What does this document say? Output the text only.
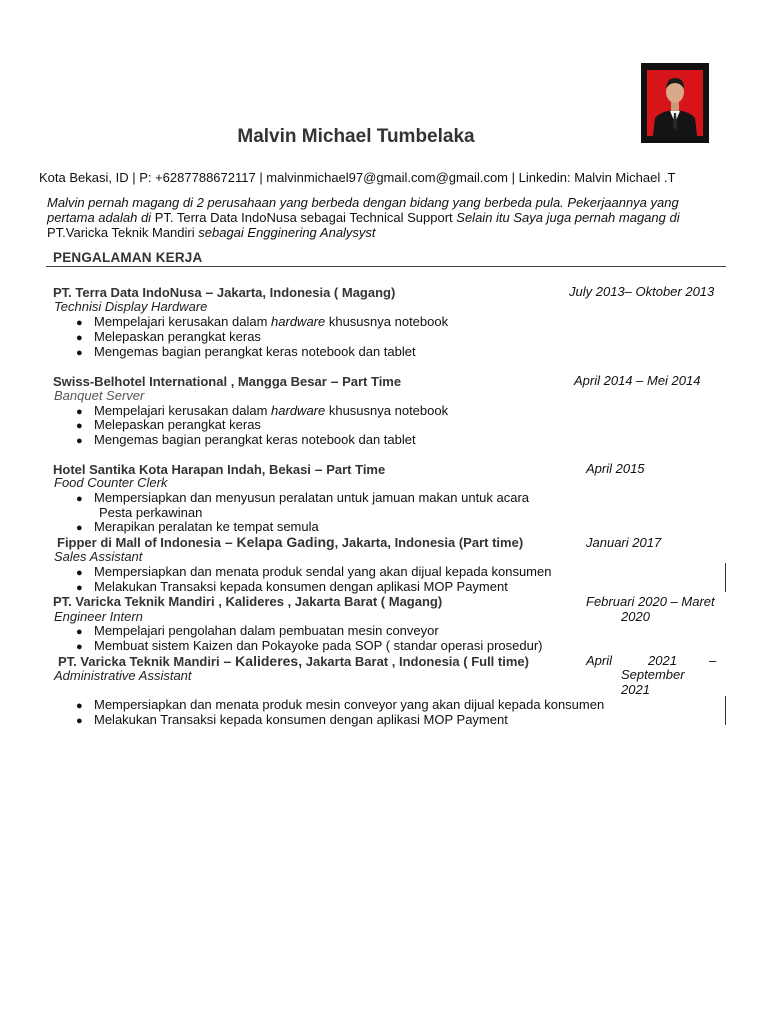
Malvin Michael Tumbelaka
Kota Bekasi, ID | P: +6287788672117 | malvinmichael97@gmail.com@gmail.com | Linkedin: Malvin Michael .T
Malvin pernah magang di 2 perusahaan yang berbeda dengan bidang yang berbeda pula. Pekerjaannya yang
pertama adalah di PT. Terra Data IndoNusa sebagai Technical Support Selain itu Saya juga pernah magang di
PT.Varicka Teknik Mandiri sebagai Engginering Analysyst
PENGALAMAN KERJA
PT. Terra Data IndoNusa – Jakarta, Indonesia ( Magang)	July 2013– Oktober 2013
Technisi Display Hardware
● Mempelajari kerusakan dalam hardware khususnya notebook
● Melepaskan perangkat keras
● Mengemas bagian perangkat keras notebook dan tablet
Swiss-Belhotel International , Mangga Besar – Part Time	April 2014 – Mei 2014
Banquet Server
● Mempelajari kerusakan dalam hardware khususnya notebook
● Melepaskan perangkat keras
● Mengemas bagian perangkat keras notebook dan tablet
Hotel Santika Kota Harapan Indah, Bekasi – Part Time	April 2015
Food Counter Clerk
● Mempersiapkan dan menyusun peralatan untuk jamuan makan untuk acara
Pesta perkawinan
● Merapikan peralatan ke tempat semula
Fipper di Mall of Indonesia – Kelapa Gading, Jakarta, Indonesia (Part time)	Januari 2017
Sales Assistant
● Mempersiapkan dan menata produk sendal yang akan dijual kepada konsumen
● Melakukan Transaksi kepada konsumen dengan aplikasi MOP Payment
PT. Varicka Teknik Mandiri , Kalideres , Jakarta Barat ( Magang)	Februari 2020 – Maret
2020
Engineer Intern
● Mempelajari pengolahan dalam pembuatan mesin conveyor
● Membuat sistem Kaizen dan Pokayoke pada SOP ( standar operasi prosedur)
PT. Varicka Teknik Mandiri – Kalideres, Jakarta Barat , Indonesia ( Full time)	April	2021 –
September
2021
Administrative Assistant
● Mempersiapkan dan menata produk mesin conveyor yang akan dijual kepada konsumen
● Melakukan Transaksi kepada konsumen dengan aplikasi MOP Payment
